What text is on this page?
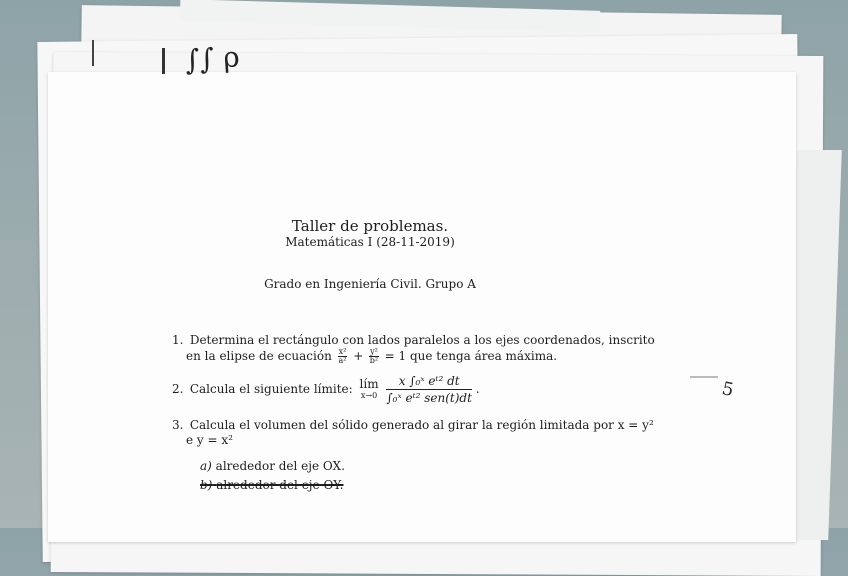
∫∫ ρ
Taller de problemas.
Matemáticas I (28-11-2019)
Grado en Ingeniería Civil. Grupo A
1. Determina el rectángulo con lados paralelos a los ejes coordenados, inscrito
en la elipse de ecuación $\frac{\text{x²}}{\text{a²}} + \frac{\text{y²}}{\text{b²}} = 1$ que tenga área máxima.
2. Calcula el siguiente límite: lím
x→0

x ∫₀ˣ eᵗ² dt
∫₀ˣ eᵗ² sen(t)dt
.
3. Calcula el volumen del sólido generado al girar la región limitada por x = y²
e y = x²
a) alrededor del eje OX.
b) alrededor del eje OY.
5
